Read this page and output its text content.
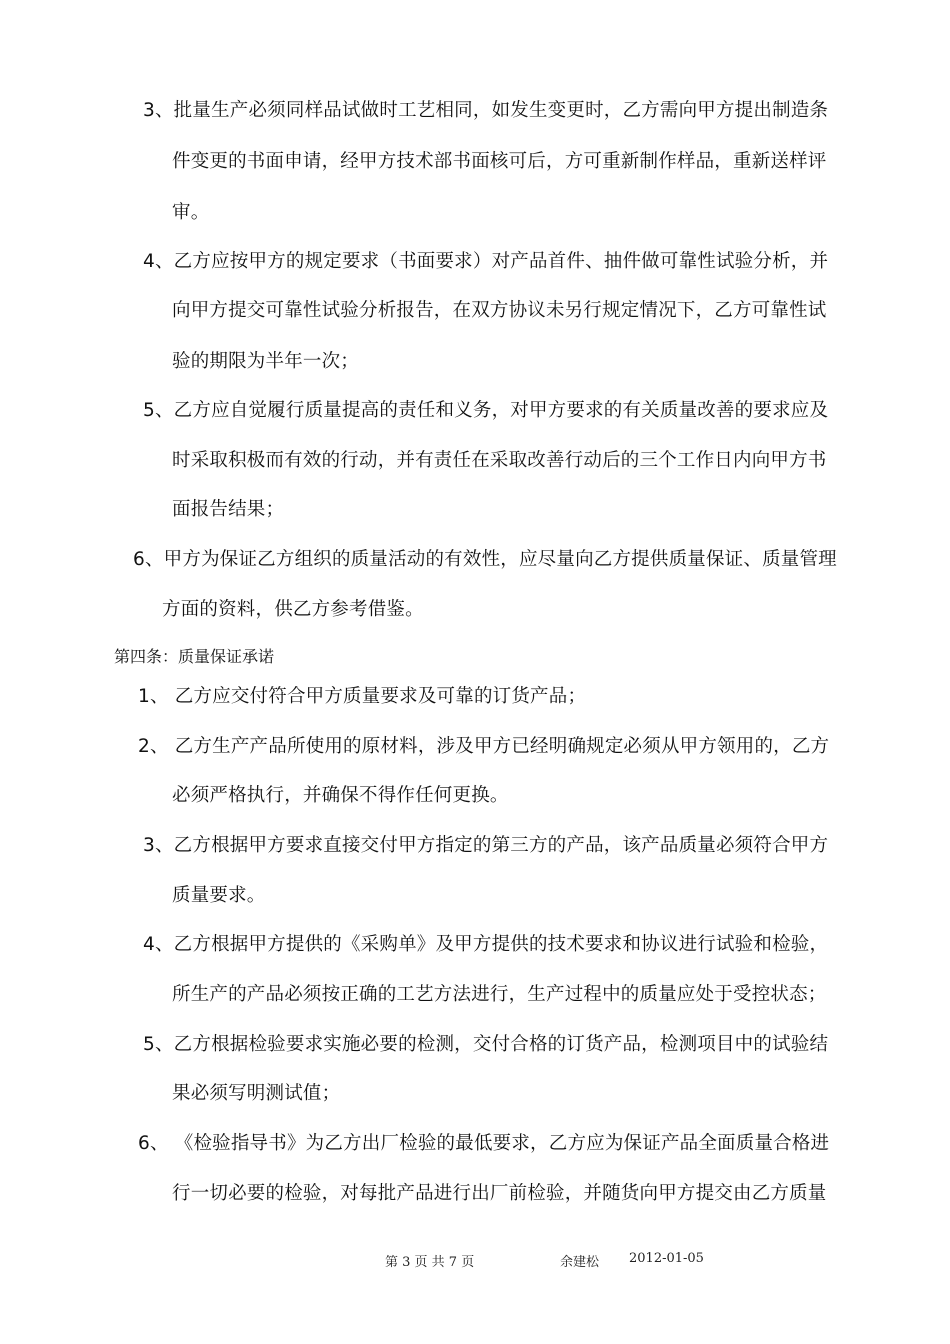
3、批量生产必须同样品试做时工艺相同，如发生变更时，乙方需向甲方提出制造条
件变更的书面申请，经甲方技术部书面核可后，方可重新制作样品，重新送样评
审。
4、乙方应按甲方的规定要求（书面要求）对产品首件、抽件做可靠性试验分析，并
向甲方提交可靠性试验分析报告，在双方协议未另行规定情况下，乙方可靠性试
验的期限为半年一次；
5、乙方应自觉履行质量提高的责任和义务，对甲方要求的有关质量改善的要求应及
时采取积极而有效的行动，并有责任在采取改善行动后的三个工作日内向甲方书
面报告结果；
6、甲方为保证乙方组织的质量活动的有效性，应尽量向乙方提供质量保证、质量管理
方面的资料，供乙方参考借鉴。
第四条：质量保证承诺
1、 乙方应交付符合甲方质量要求及可靠的订货产品；
2、 乙方生产产品所使用的原材料，涉及甲方已经明确规定必须从甲方领用的，乙方
必须严格执行，并确保不得作任何更换。
3、乙方根据甲方要求直接交付甲方指定的第三方的产品，该产品质量必须符合甲方
质量要求。
4、乙方根据甲方提供的《采购单》及甲方提供的技术要求和协议进行试验和检验，
所生产的产品必须按正确的工艺方法进行，生产过程中的质量应处于受控状态；
5、乙方根据检验要求实施必要的检测，交付合格的订货产品，检测项目中的试验结
果必须写明测试值；
6、 《检验指导书》为乙方出厂检验的最低要求，乙方应为保证产品全面质量合格进
行一切必要的检验，对每批产品进行出厂前检验，并随货向甲方提交由乙方质量
第 3 页 共 7 页	余建松 2012-01-05
